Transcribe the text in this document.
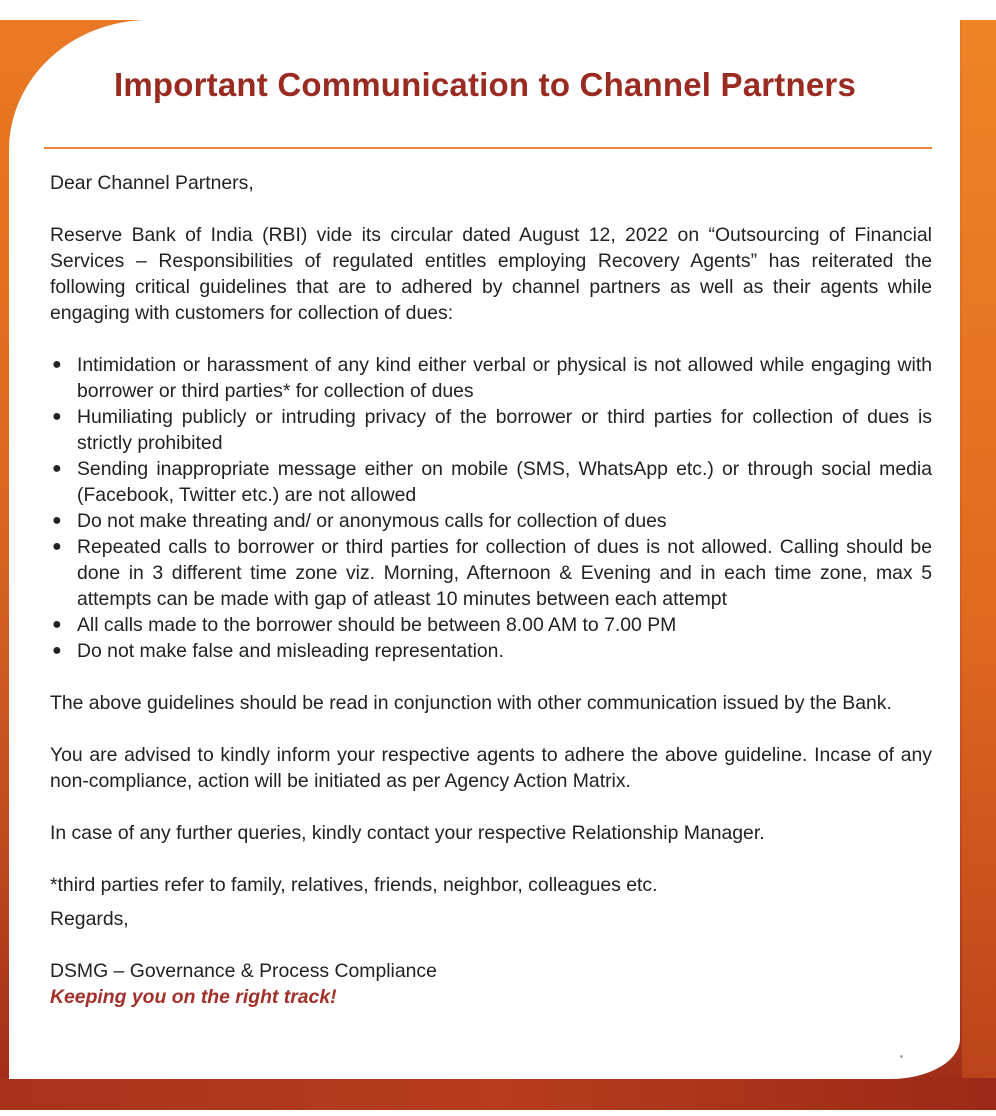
Important Communication to Channel Partners

Dear Channel Partners,

Reserve Bank of India (RBI) vide its circular dated August 12, 2022 on “Outsourcing of Financial Services – Responsibilities of regulated entitles employing Recovery Agents” has reiterated the following critical guidelines that are to adhered by channel partners as well as their agents while engaging with customers for collection of dues:

● Intimidation or harassment of any kind either verbal or physical is not allowed while engaging with borrower or third parties* for collection of dues
● Humiliating publicly or intruding privacy of the borrower or third parties for collection of dues is strictly prohibited
● Sending inappropriate message either on mobile (SMS, WhatsApp etc.) or through social media (Facebook, Twitter etc.) are not allowed
● Do not make threating and/ or anonymous calls for collection of dues
● Repeated calls to borrower or third parties for collection of dues is not allowed. Calling should be done in 3 different time zone viz. Morning, Afternoon & Evening and in each time zone, max 5 attempts can be made with gap of atleast 10 minutes between each attempt
● All calls made to the borrower should be between 8.00 AM to 7.00 PM
● Do not make false and misleading representation.

The above guidelines should be read in conjunction with other communication issued by the Bank.

You are advised to kindly inform your respective agents to adhere the above guideline. Incase of any non-compliance, action will be initiated as per Agency Action Matrix.

In case of any further queries, kindly contact your respective Relationship Manager.

*third parties refer to family, relatives, friends, neighbor, colleagues etc.

Regards,

DSMG – Governance & Process Compliance

Keeping you on the right track!
